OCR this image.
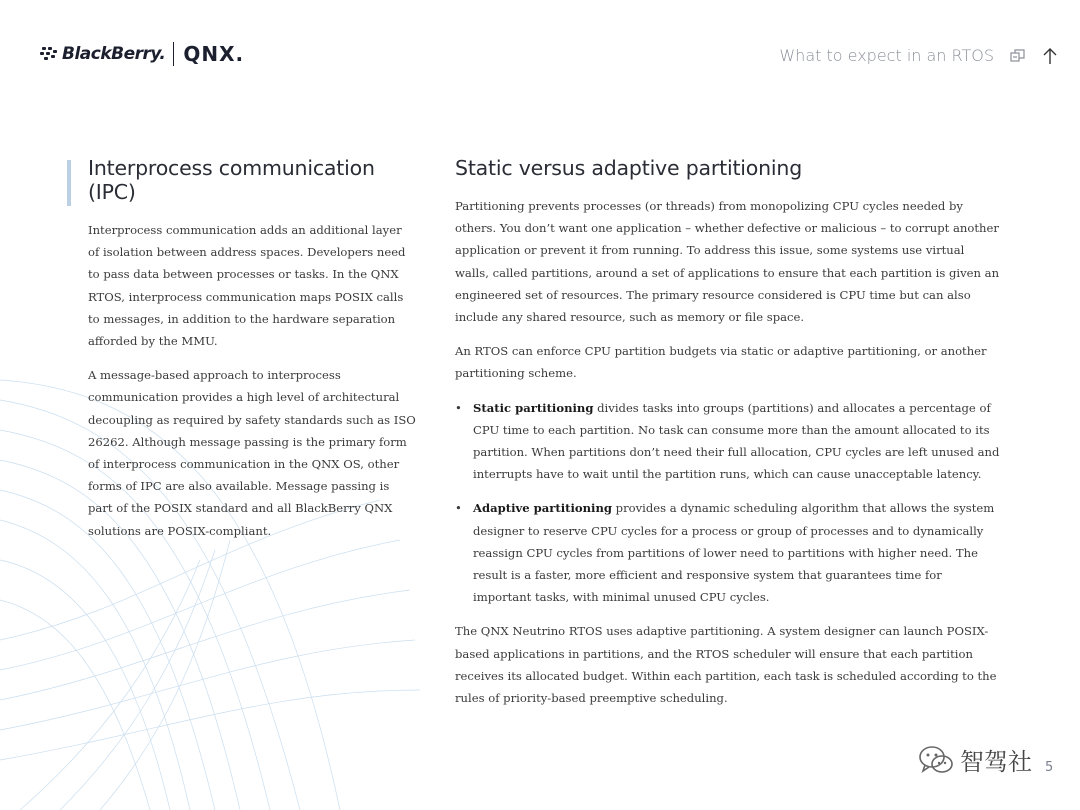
BlackBerry. QNX.	What to expect in an RTOS
Interprocess communication (IPC)

Interprocess communication adds an additional layer of isolation between address spaces. Developers need to pass data between processes or tasks. In the QNX RTOS, interprocess communication maps POSIX calls to messages, in addition to the hardware separation afforded by the MMU.

A message-based approach to interprocess communication provides a high level of architectural decoupling as required by safety standards such as ISO 26262. Although message passing is the primary form of interprocess communication in the QNX OS, other forms of IPC are also available. Message passing is part of the POSIX standard and all BlackBerry QNX solutions are POSIX-compliant.

Static versus adaptive partitioning

Partitioning prevents processes (or threads) from monopolizing CPU cycles needed by others. You don’t want one application – whether defective or malicious – to corrupt another application or prevent it from running. To address this issue, some systems use virtual walls, called partitions, around a set of applications to ensure that each partition is given an engineered set of resources. The primary resource considered is CPU time but can also include any shared resource, such as memory or file space.

An RTOS can enforce CPU partition budgets via static or adaptive partitioning, or another partitioning scheme.

• Static partitioning divides tasks into groups (partitions) and allocates a percentage of CPU time to each partition. No task can consume more than the amount allocated to its partition. When partitions don’t need their full allocation, CPU cycles are left unused and interrupts have to wait until the partition runs, which can cause unacceptable latency.
• Adaptive partitioning provides a dynamic scheduling algorithm that allows the system designer to reserve CPU cycles for a process or group of processes and to dynamically reassign CPU cycles from partitions of lower need to partitions with higher need. The result is a faster, more efficient and responsive system that guarantees time for important tasks, with minimal unused CPU cycles.

The QNX Neutrino RTOS uses adaptive partitioning. A system designer can launch POSIX-based applications in partitions, and the RTOS scheduler will ensure that each partition receives its allocated budget. Within each partition, each task is scheduled according to the rules of priority-based preemptive scheduling.

智驾社 5
